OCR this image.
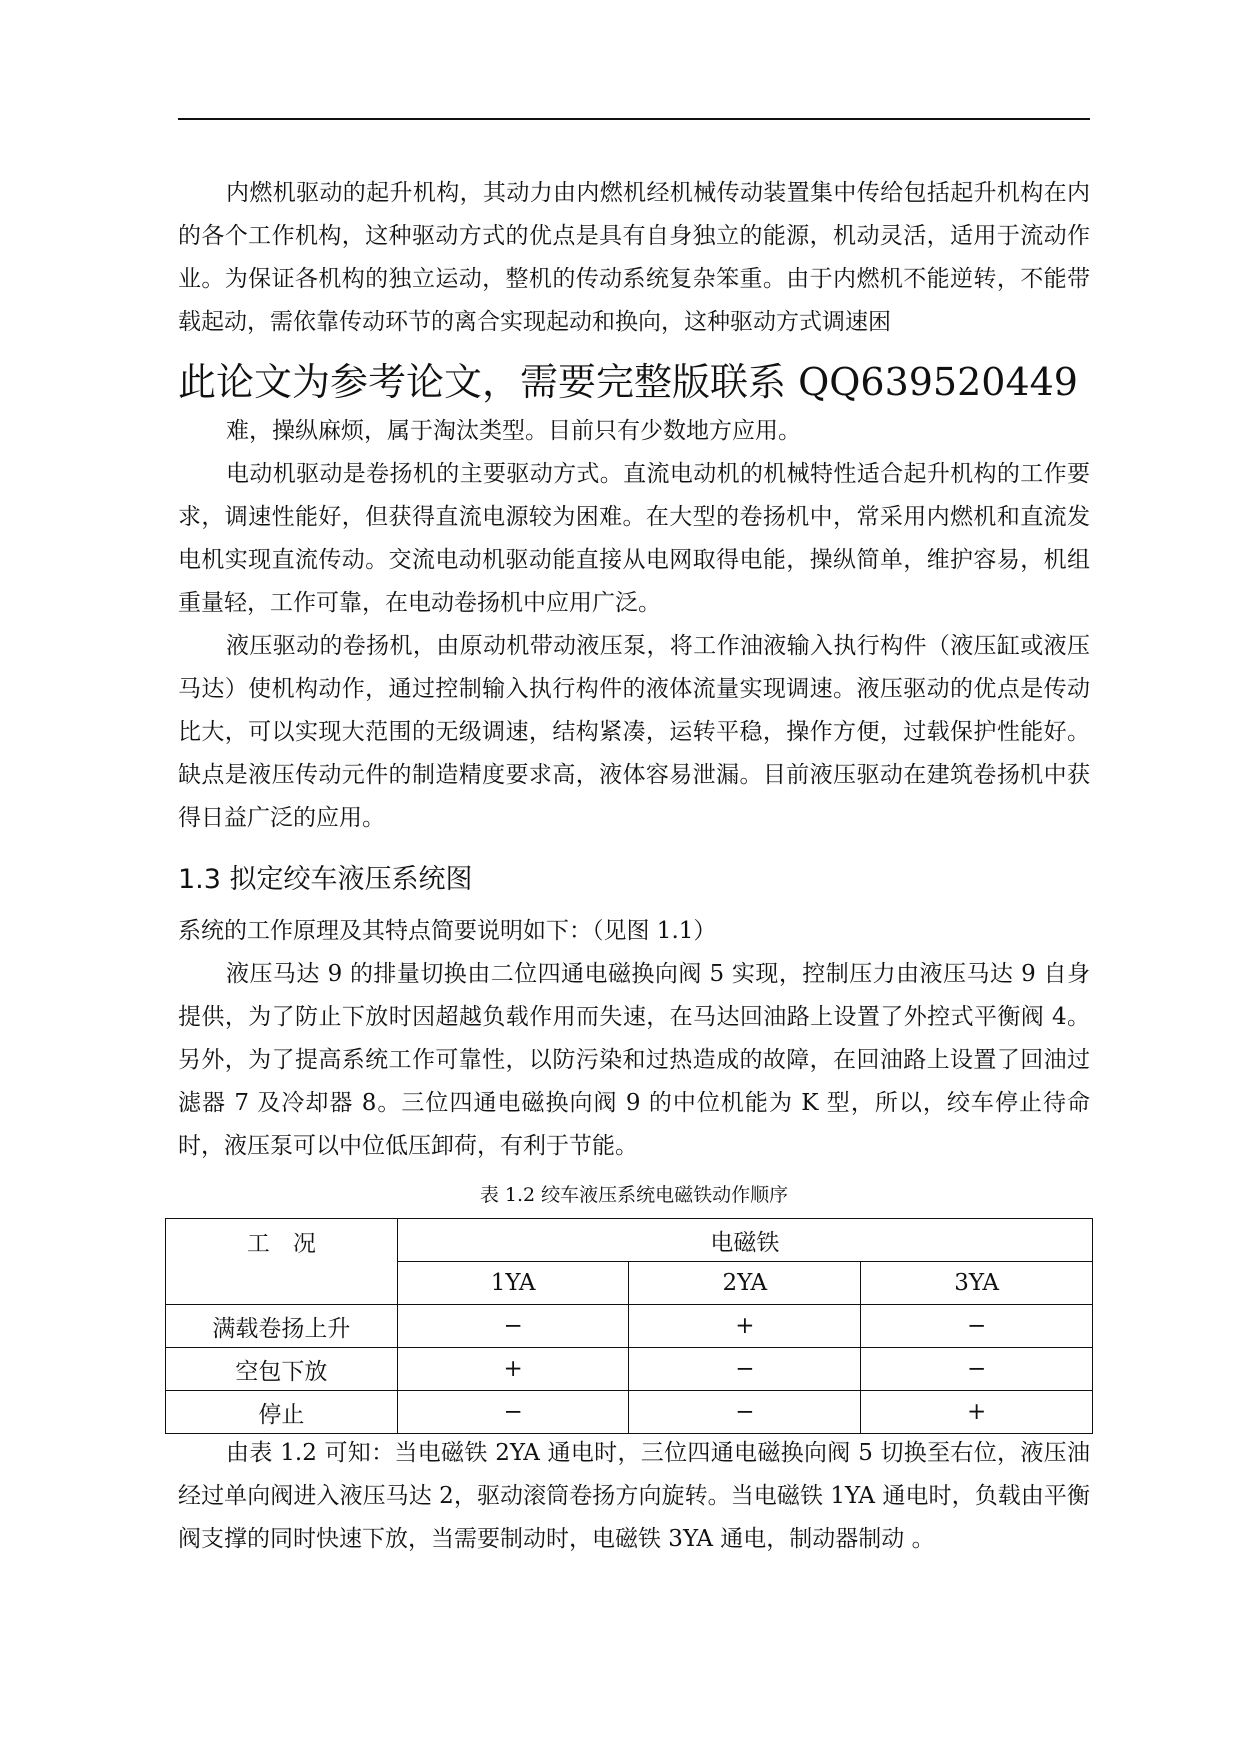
内燃机驱动的起升机构，其动力由内燃机经机械传动装置集中传给包括起升机构在内的各个工作机构，这种驱动方式的优点是具有自身独立的能源，机动灵活，适用于流动作业。为保证各机构的独立运动，整机的传动系统复杂笨重。由于内燃机不能逆转，不能带载起动，需依靠传动环节的离合实现起动和换向，这种驱动方式调速困

此论文为参考论文，需要完整版联系 QQ639520449

难，操纵麻烦，属于淘汰类型。目前只有少数地方应用。

电动机驱动是卷扬机的主要驱动方式。直流电动机的机械特性适合起升机构的工作要求，调速性能好，但获得直流电源较为困难。在大型的卷扬机中，常采用内燃机和直流发电机实现直流传动。交流电动机驱动能直接从电网取得电能，操纵简单，维护容易，机组重量轻，工作可靠，在电动卷扬机中应用广泛。

液压驱动的卷扬机，由原动机带动液压泵，将工作油液输入执行构件（液压缸或液压马达）使机构动作，通过控制输入执行构件的液体流量实现调速。液压驱动的优点是传动比大，可以实现大范围的无级调速，结构紧凑，运转平稳，操作方便，过载保护性能好。缺点是液压传动元件的制造精度要求高，液体容易泄漏。目前液压驱动在建筑卷扬机中获得日益广泛的应用。

1.3 拟定绞车液压系统图

系统的工作原理及其特点简要说明如下：（见图 1.1）

液压马达 9 的排量切换由二位四通电磁换向阀 5 实现，控制压力由液压马达 9 自身提供，为了防止下放时因超越负载作用而失速，在马达回油路上设置了外控式平衡阀 4。另外，为了提高系统工作可靠性，以防污染和过热造成的故障，在回油路上设置了回油过滤器 7 及冷却器 8。三位四通电磁换向阀 9 的中位机能为 K 型，所以，绞车停止待命时，液压泵可以中位低压卸荷，有利于节能。

表 1.2 绞车液压系统电磁铁动作顺序

工　况	电磁铁		
	1YA	2YA	3YA
满载卷扬上升	−	+	−
空包下放	+	−	−
停止	−	−	+

由表 1.2 可知：当电磁铁 2YA 通电时，三位四通电磁换向阀 5 切换至右位，液压油经过单向阀进入液压马达 2，驱动滚筒卷扬方向旋转。当电磁铁 1YA 通电时，负载由平衡阀支撑的同时快速下放，当需要制动时，电磁铁 3YA 通电，制动器制动 。
